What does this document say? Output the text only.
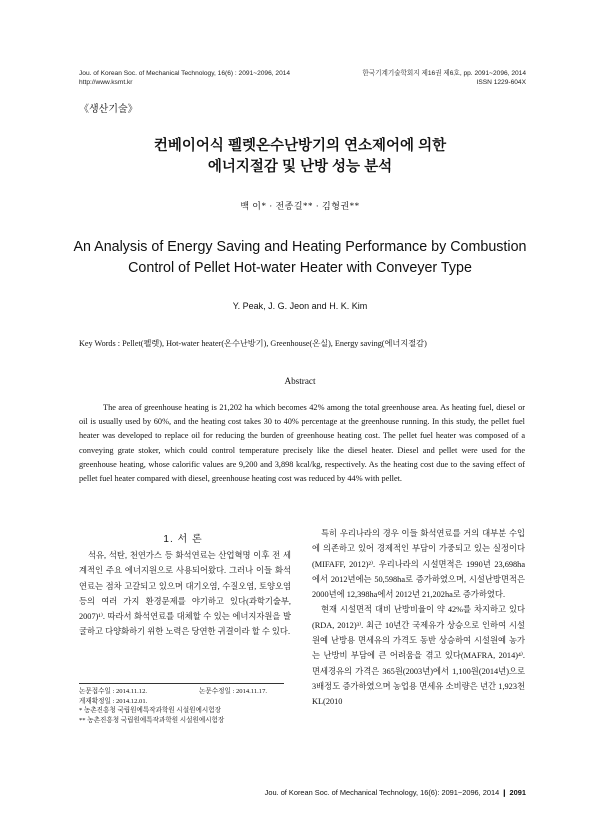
Jou. of Korean Soc. of Mechanical Technology, 16(6) : 2091~2096, 2014
http://www.ksmt.kr
한국기계기술학회지 제16권 제6호, pp. 2091~2096, 2014
ISSN 1229-604X
《생산기술》
컨베이어식 펠렛온수난방기의 연소제어에 의한
에너지절감 및 난방 성능 분석
백 이* · 전종길** · 김형권**
An Analysis of Energy Saving and Heating Performance by Combustion
Control of Pellet Hot-water Heater with Conveyer Type
Y. Peak, J. G. Jeon and H. K. Kim
Key Words : Pellet(펠렛), Hot-water heater(온수난방기), Greenhouse(온실), Energy saving(에너지절감)
Abstract

The area of greenhouse heating is 21,202 ha which becomes 42% among the total greenhouse area. As heating fuel, diesel or oil is usually used by 60%, and the heating cost takes 30 to 40% percentage at the greenhouse running. In this study, the pellet fuel heater was developed to replace oil for reducing the burden of greenhouse heating cost. The pellet fuel heater was composed of a conveying grate stoker, which could control temperature precisely like the diesel heater. Diesel and pellet were used for the greenhouse heating, whose calorific values are 9,200 and 3,898 kcal/kg, respectively. As the heating cost due to the saving effect of pellet fuel heater compared with diesel, greenhouse heating cost was reduced by 44% with pellet.

1. 서 론

석유, 석탄, 천연가스 등 화석연료는 산업혁명 이후 전 세계적인 주요 에너지원으로 사용되어왔다. 그러나 이들 화석연료는 점차 고갈되고 있으며 대기오염, 수질오염, 토양오염 등의 여러 가지 환경문제를 야기하고 있다(과학기술부, 2007)¹⁾. 따라서 화석연료를 대체할 수 있는 에너지자원을 발굴하고 다양화하기 위한 노력은 당연한 귀결이라 할 수 있다.

특히 우리나라의 경우 이들 화석연료를 거의 대부분 수입에 의존하고 있어 경제적인 부담이 가중되고 있는 실정이다(MIFAFF, 2012)²⁾. 우리나라의 시설면적은 1990년 23,698ha에서 2012년에는 50,598ha로 증가하였으며, 시설난방면적은 2000년에 12,398ha에서 2012년 21,202ha로 증가하였다.

현재 시설면적 대비 난방비율이 약 42%를 차지하고 있다(RDA, 2012)³⁾. 최근 10년간 국제유가 상승으로 인하여 시설원예 난방용 면세유의 가격도 동반 상승하여 시설원예 농가는 난방비 부담에 큰 어려움을 겪고 있다(MAFRA, 2014)⁴⁾. 면세경유의 가격은 365원(2003년)에서 1,100원(2014년)으로 3배정도 증가하였으며 농업용 면세유 소비량은 년간 1,923천KL(2010

논문접수일 : 2014.11.12.	논문수정일 : 2014.11.17.
게재확정일 : 2014.12.01.
* 농촌진흥청 국립원예특작과학원 시설원예시험장
** 농촌진흥청 국립원예특작과학원 시설원예시험장
Jou. of Korean Soc. of Mechanical Technology, 16(6): 2091~2096, 2014 ❙ 2091
